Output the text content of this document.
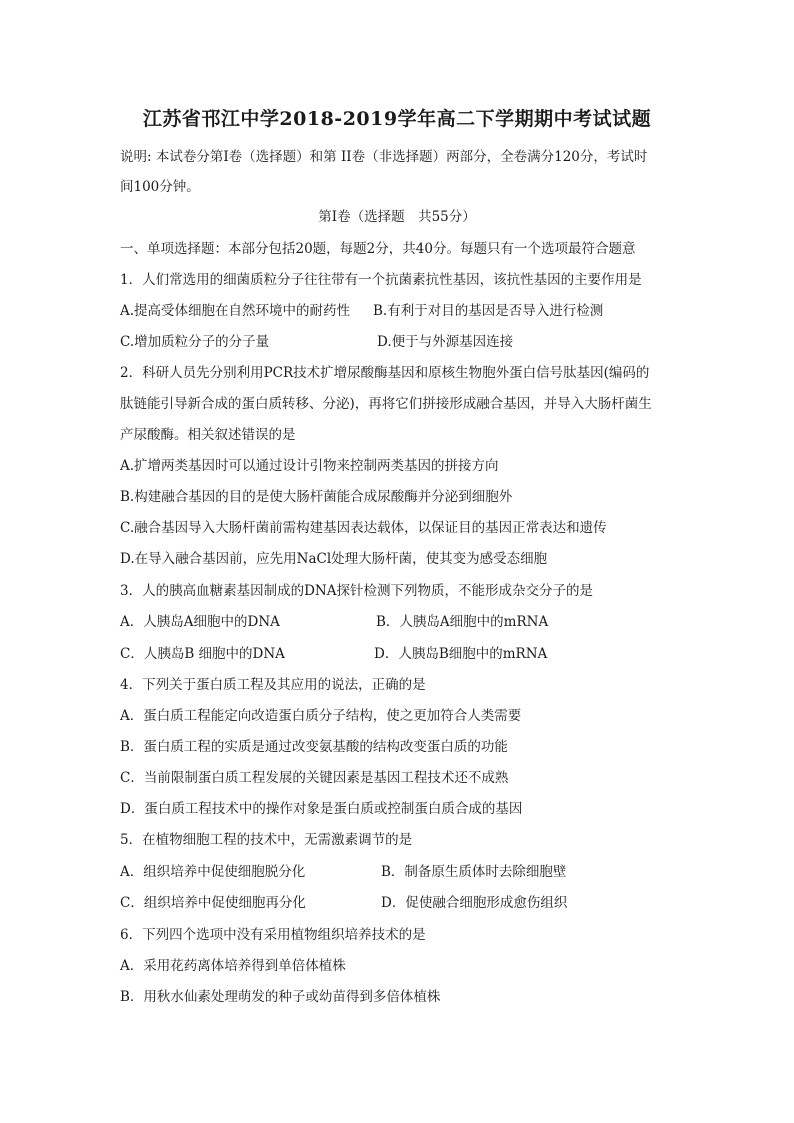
江苏省邗江中学2018-2019学年高二下学期期中考试试题
说明: 本试卷分第I卷（选择题）和第 II卷（非选择题）两部分，全卷满分120分，考试时
间100分钟。
第I卷（选择题　共55分）
一、单项选择题：本部分包括20题，每题2分，共40分。每题只有一个选项最符合题意
1．人们常选用的细菌质粒分子往往带有一个抗菌素抗性基因，该抗性基因的主要作用是
A.提高受体细胞在自然环境中的耐药性 B.有利于对目的基因是否导入进行检测
C.增加质粒分子的分子量	D.便于与外源基因连接
2．科研人员先分别利用PCR技术扩增尿酸酶基因和原核生物胞外蛋白信号肽基因(编码的
肽链能引导新合成的蛋白质转移、分泌)，再将它们拼接形成融合基因，并导入大肠杆菌生
产尿酸酶。相关叙述错误的是
A.扩增两类基因时可以通过设计引物来控制两类基因的拼接方向
B.构建融合基因的目的是使大肠杆菌能合成尿酸酶并分泌到细胞外
C.融合基因导入大肠杆菌前需构建基因表达载体，以保证目的基因正常表达和遗传
D.在导入融合基因前，应先用NaCl处理大肠杆菌，使其变为感受态细胞
3．人的胰高血糖素基因制成的DNA探针检测下列物质，不能形成杂交分子的是
A．人胰岛A细胞中的DNA	B．人胰岛A细胞中的mRNA
C．人胰岛B 细胞中的DNA	D．人胰岛B细胞中的mRNA
4．下列关于蛋白质工程及其应用的说法，正确的是
A．蛋白质工程能定向改造蛋白质分子结构，使之更加符合人类需要
B．蛋白质工程的实质是通过改变氨基酸的结构改变蛋白质的功能
C．当前限制蛋白质工程发展的关键因素是基因工程技术还不成熟
D．蛋白质工程技术中的操作对象是蛋白质或控制蛋白质合成的基因
5．在植物细胞工程的技术中，无需激素调节的是
A．组织培养中促使细胞脱分化	B．制备原生质体时去除细胞壁
C．组织培养中促使细胞再分化	D．促使融合细胞形成愈伤组织
6．下列四个选项中没有采用植物组织培养技术的是
A．采用花药离体培养得到单倍体植株
B．用秋水仙素处理萌发的种子或幼苗得到多倍体植株
